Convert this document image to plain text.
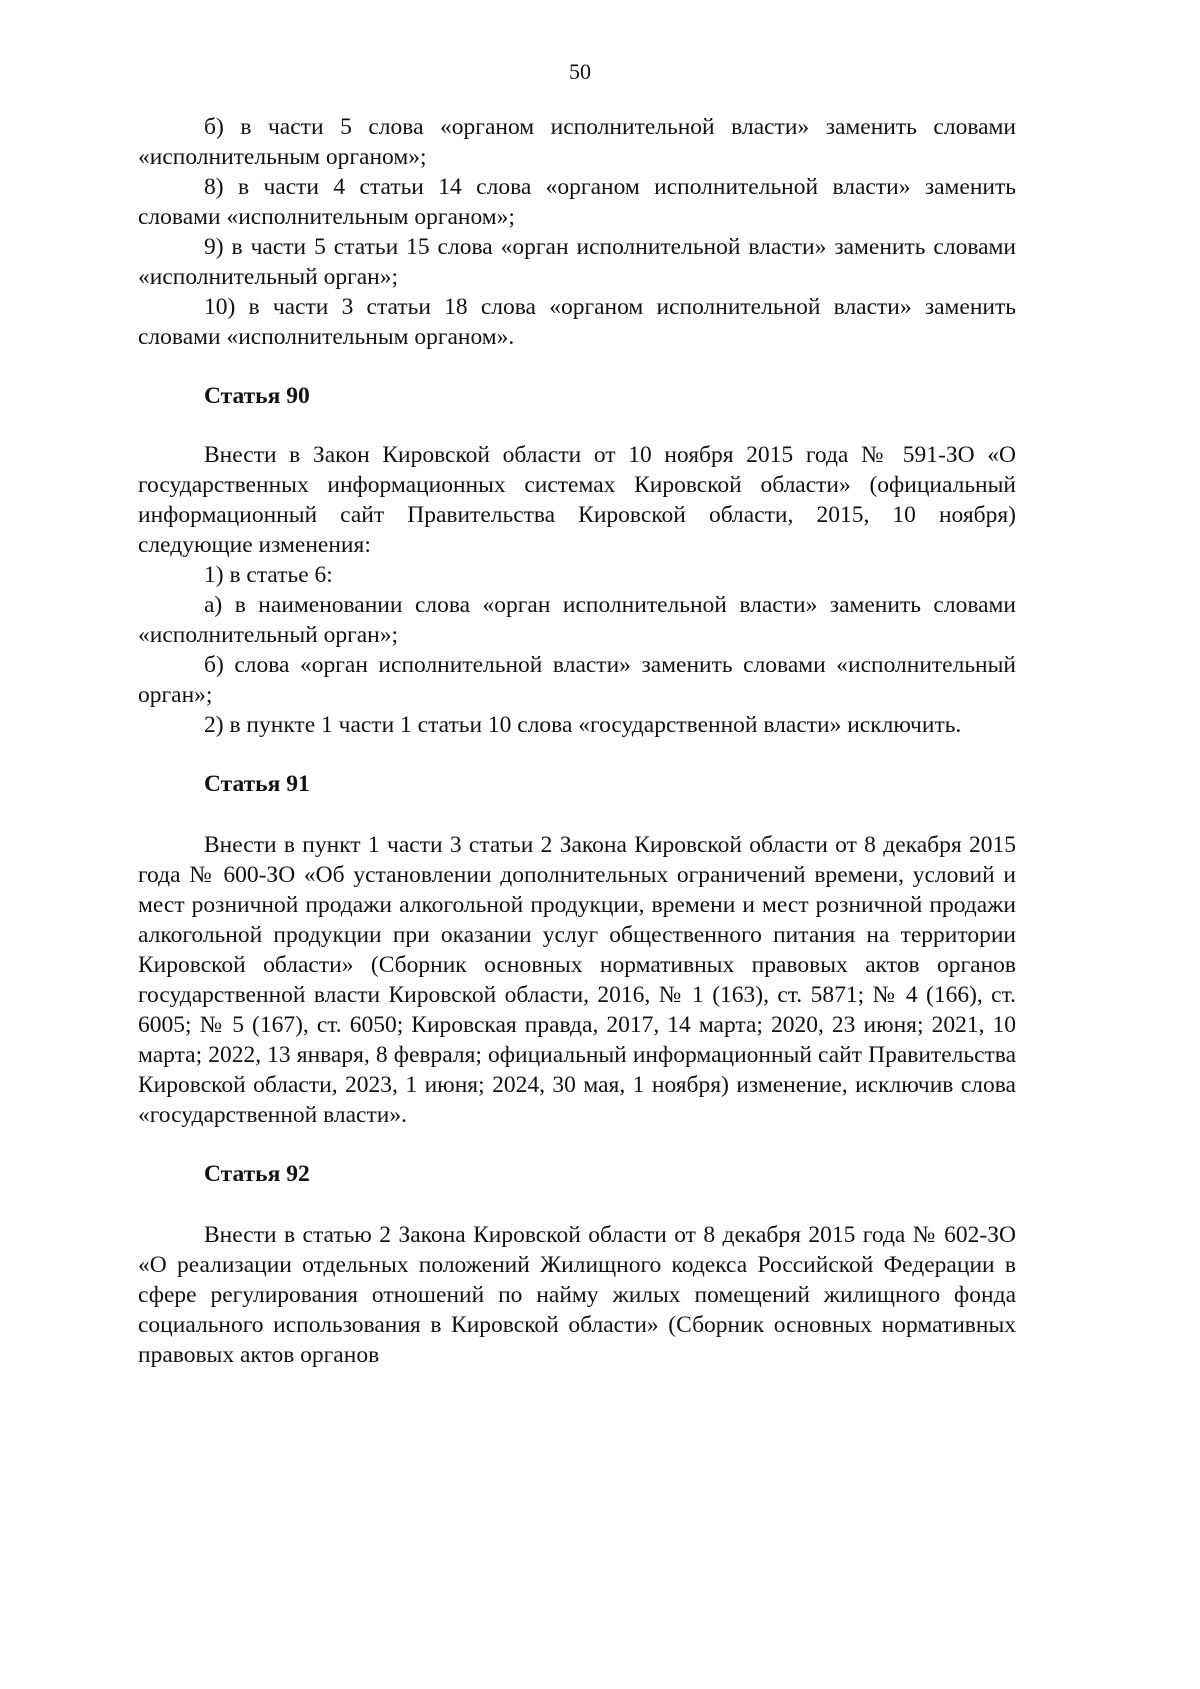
50

б) в части 5 слова «органом исполнительной власти» заменить словами «исполнительным органом»;

8) в части 4 статьи 14 слова «органом исполнительной власти» заменить словами «исполнительным органом»;

9) в части 5 статьи 15 слова «орган исполнительной власти» заменить словами «исполнительный орган»;

10) в части 3 статьи 18 слова «органом исполнительной власти» заменить словами «исполнительным органом».

Статья 90

Внести в Закон Кировской области от 10 ноября 2015 года № 591-ЗО «О государственных информационных системах Кировской области» (официальный информационный сайт Правительства Кировской области, 2015, 10 ноября) следующие изменения:

1) в статье 6:

а) в наименовании слова «орган исполнительной власти» заменить словами «исполнительный орган»;

б) слова «орган исполнительной власти» заменить словами «исполнительный орган»;

2) в пункте 1 части 1 статьи 10 слова «государственной власти» исключить.

Статья 91

Внести в пункт 1 части 3 статьи 2 Закона Кировской области от 8 декабря 2015 года № 600-ЗО «Об установлении дополнительных ограничений времени, условий и мест розничной продажи алкогольной продукции, времени и мест розничной продажи алкогольной продукции при оказании услуг общественного питания на территории Кировской области» (Сборник основных нормативных правовых актов органов государственной власти Кировской области, 2016, № 1 (163), ст. 5871; № 4 (166), ст. 6005; № 5 (167), ст. 6050; Кировская правда, 2017, 14 марта; 2020, 23 июня; 2021, 10 марта; 2022, 13 января, 8 февраля; официальный информационный сайт Правительства Кировской области, 2023, 1 июня; 2024, 30 мая, 1 ноября) изменение, исключив слова «государственной власти».

Статья 92

Внести в статью 2 Закона Кировской области от 8 декабря 2015 года № 602-ЗО «О реализации отдельных положений Жилищного кодекса Российской Федерации в сфере регулирования отношений по найму жилых помещений жилищного фонда социального использования в Кировской области» (Сборник основных нормативных правовых актов органов
